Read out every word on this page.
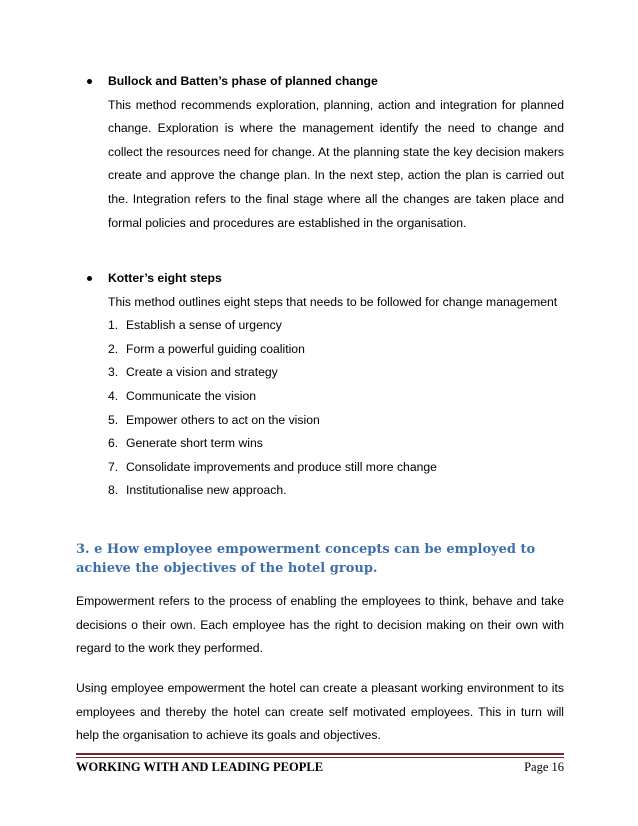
Bullock and Batten’s phase of planned change
This method recommends exploration, planning, action and integration for planned change. Exploration is where the management identify the need to change and collect the resources need for change. At the planning state the key decision makers create and approve the change plan. In the next step, action the plan is carried out the. Integration refers to the final stage where all the changes are taken place and formal policies and procedures are established in the organisation.
Kotter’s eight steps
This method outlines eight steps that needs to be followed for change management
1. Establish a sense of urgency
2. Form a powerful guiding coalition
3. Create a vision and strategy
4. Communicate the vision
5. Empower others to act on the vision
6. Generate short term wins
7. Consolidate improvements and produce still more change
8. Institutionalise new approach.
3. e How employee empowerment concepts can be employed to achieve the objectives of the hotel group.
Empowerment refers to the process of enabling the employees to think, behave and take decisions o their own. Each employee has the right to decision making on their own with regard to the work they performed.
Using employee empowerment the hotel can create a pleasant working environment to its employees and thereby the hotel can create self motivated employees. This in turn will help the organisation to achieve its goals and objectives.
WORKING WITH AND LEADING PEOPLE	Page 16
